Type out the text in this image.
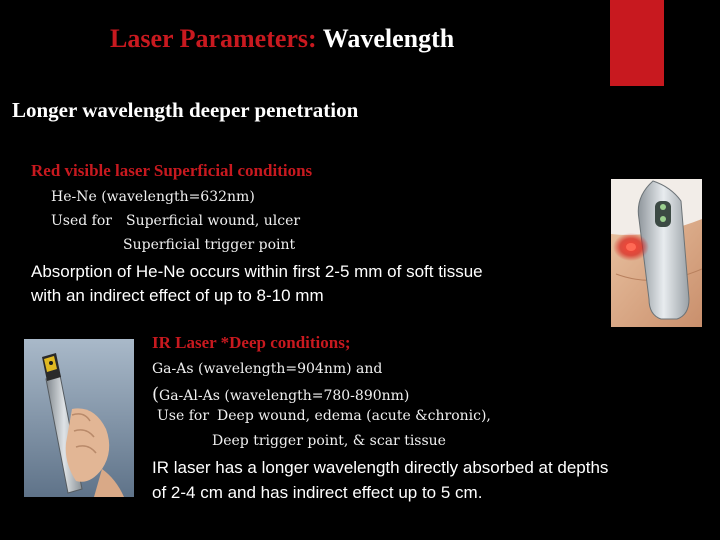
Laser Parameters: Wavelength
Longer wavelength deeper penetration
Red visible laser Superficial conditions
He-Ne (wavelength=632nm)
Used for Superficial wound, ulcer
Superficial trigger point
Absorption of He-Ne occurs within first 2-5 mm of soft tissue
with an indirect effect of up to 8-10 mm
IR Laser *Deep conditions;
Ga-As (wavelength=904nm) and
(Ga-Al-As (wavelength=780-890nm)
Use for Deep wound, edema (acute &chronic),
Deep trigger point, & scar tissue
IR laser has a longer wavelength directly absorbed at depths
of 2-4 cm and has indirect effect up to 5 cm.
